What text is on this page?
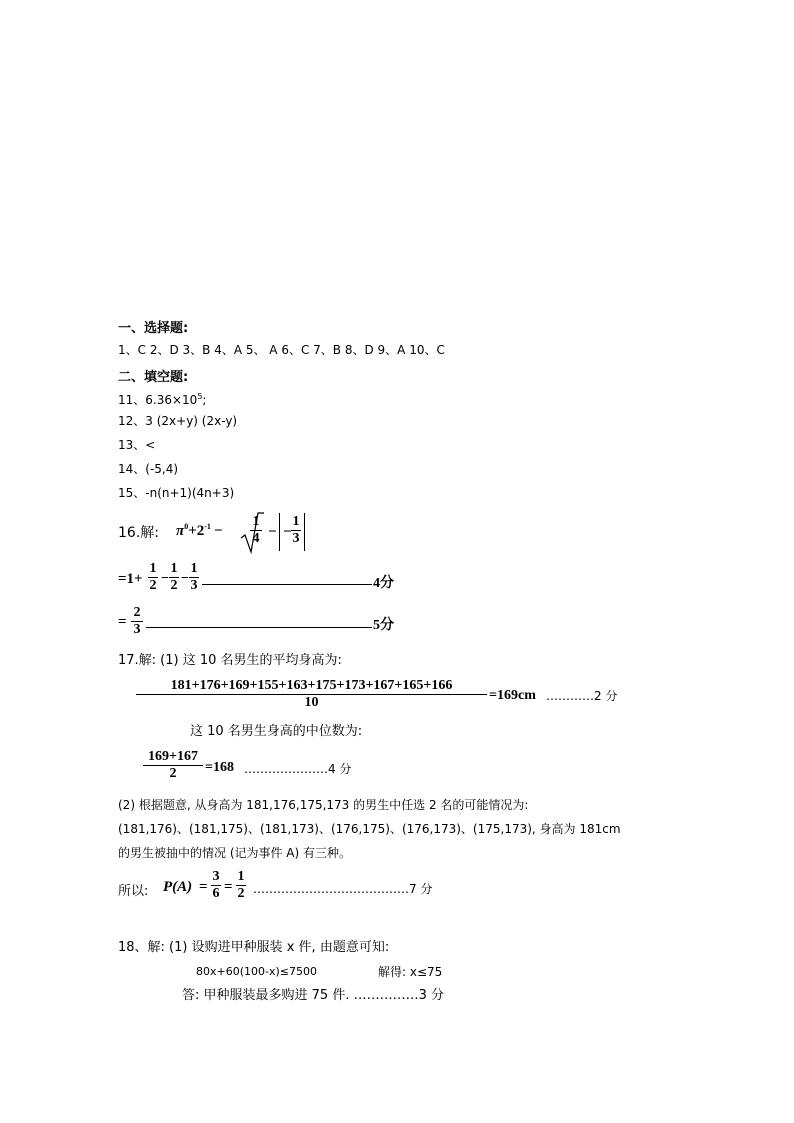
一、选择题:
1、C 2、D 3、B 4、A 5、 A 6、C 7、B 8、D 9、A 10、C
二、填空题:
11、$6.36\times 10^5$;
12、3 (2x+y) (2x-y)
13、<
14、(-5,4)
15、-n(n+1)(4n+3)
16.解: $\pi^0+2^{-1}$ −
1
4 − −
1
3
=1+
1
2 −
1
2 −
1
3	4分
=
2
3	5分
17.解: (1) 这 10 名男生的平均身高为:
181+176+169+155+163+175+173+167+165+166
10	=169cm …………2 分
这 10 名男生身高的中位数为:
169+167
2	=168 …………………4 分
(2) 根据题意, 从身高为 181,176,175,173 的男生中任选 2 名的可能情况为:
(181,176)、(181,175)、(181,173)、(176,175)、(176,173)、(175,173), 身高为 181cm
的男生被抽中的情况 (记为事件 A) 有三种。
所以: P(A) =
3
6 =
1
2 …………………………………7 分
18、解: (1) 设购进甲种服装 x 件, 由题意可知:
80x+60(100-x)≤7500	解得: x≤75
答: 甲种服装最多购进 75 件. ……………3 分
